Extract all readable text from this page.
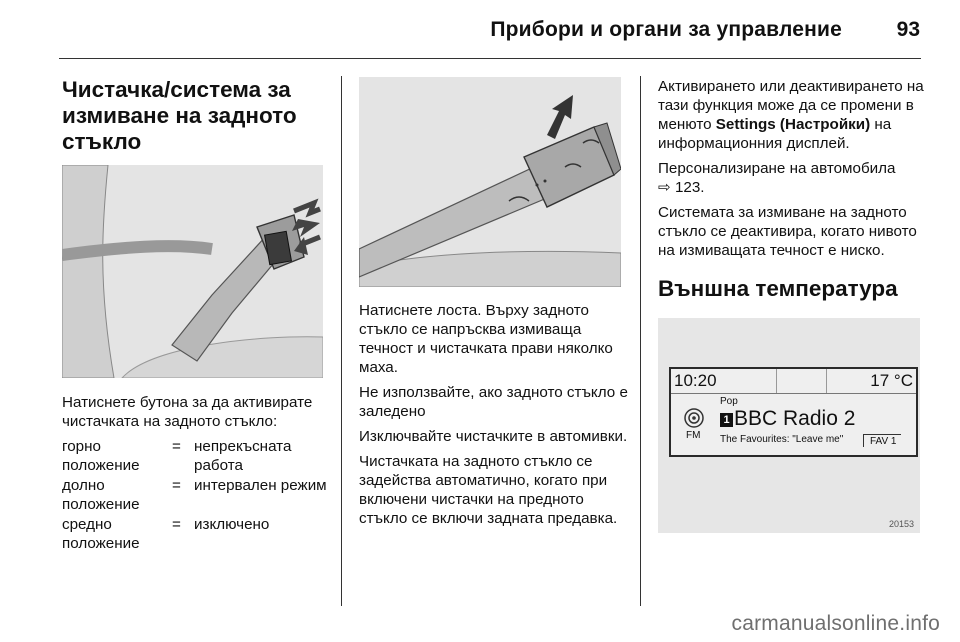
Прибори и органи за управление	93
Чистачка/система за
измиване на задното
стъкло

Натиснете бутона за да активирате чистачката на задното стъкло:

горно положение
= непрекъсната работа
долно положение
= интервален режим
средно положение
= изключено

Натиснете лоста. Върху задното стъкло се напръсква измиваща течност и чистачката прави няколко маха.

Не използвайте, ако задното стъкло е заледено

Изключвайте чистачките в автомивки.

Чистачката на задното стъкло се задейства автоматично, когато при включени чистачки на предното стъкло се включи задната предавка.

Активирането или деактивирането на тази функция може да се промени в менюто Settings (Настройки) на информационния дисплей.

Персонализиране на автомобила
⇨ 123.

Системата за измиване на задното стъкло се деактивира, когато нивото на измиващата течност е ниско.

Външна температура
10:20	17 °C
Pop
FM
1 BBC Radio 2
The Favourites: "Leave me"	FAV 1
20153
carmanualsonline.info
